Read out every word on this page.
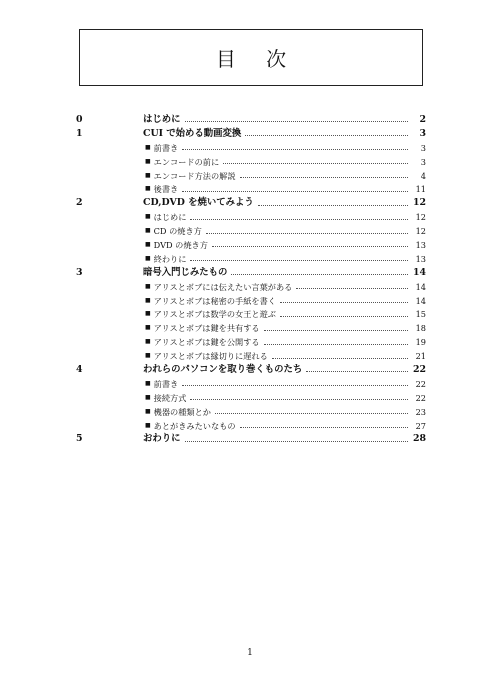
目 次
0	はじめに	2
1	CUI で始める動画変換	3
■ 前書き	3
■ エンコードの前に	3
■ エンコード方法の解説	4
■ 後書き	11
2	CD,DVD を焼いてみよう	12
■ はじめに	12
■ CD の焼き方	12
■ DVD の焼き方	13
■ 終わりに	13
3	暗号入門じみたもの	14
■ アリスとボブには伝えたい言葉がある	14
■ アリスとボブは秘密の手紙を書く	14
■ アリスとボブは数学の女王と遊ぶ	15
■ アリスとボブは鍵を共有する	18
■ アリスとボブは鍵を公開する	19
■ アリスとボブは縁切りに遅れる	21
4	われらのパソコンを取り巻くものたち	22
■ 前書き	22
■ 接続方式	22
■ 機器の種類とか	23
■ あとがきみたいなもの	27
5	おわりに	28
1
